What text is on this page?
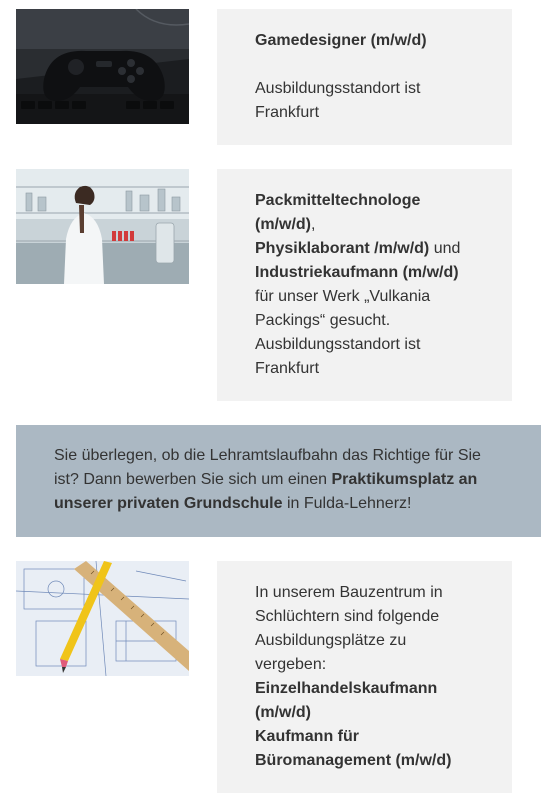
Gamedesigner (m/w/d)

Ausbildungsstandort ist Frankfurt

Packmitteltechnologe (m/w/d),
Physiklaborant /m/w/d) und
Industriekaufmann (m/w/d)
für unser Werk „Vulkania Packings“ gesucht. Ausbildungsstandort ist Frankfurt

Sie überlegen, ob die Lehramtslaufbahn das Richtige für Sie ist? Dann bewerben Sie sich um einen Praktikumsplatz an unserer privaten Grundschule in Fulda-Lehnerz!

In unserem Bauzentrum in Schlüchtern sind folgende Ausbildungsplätze zu vergeben:
Einzelhandelskaufmann (m/w/d)
Kaufmann für Büromanagement (m/w/d)
